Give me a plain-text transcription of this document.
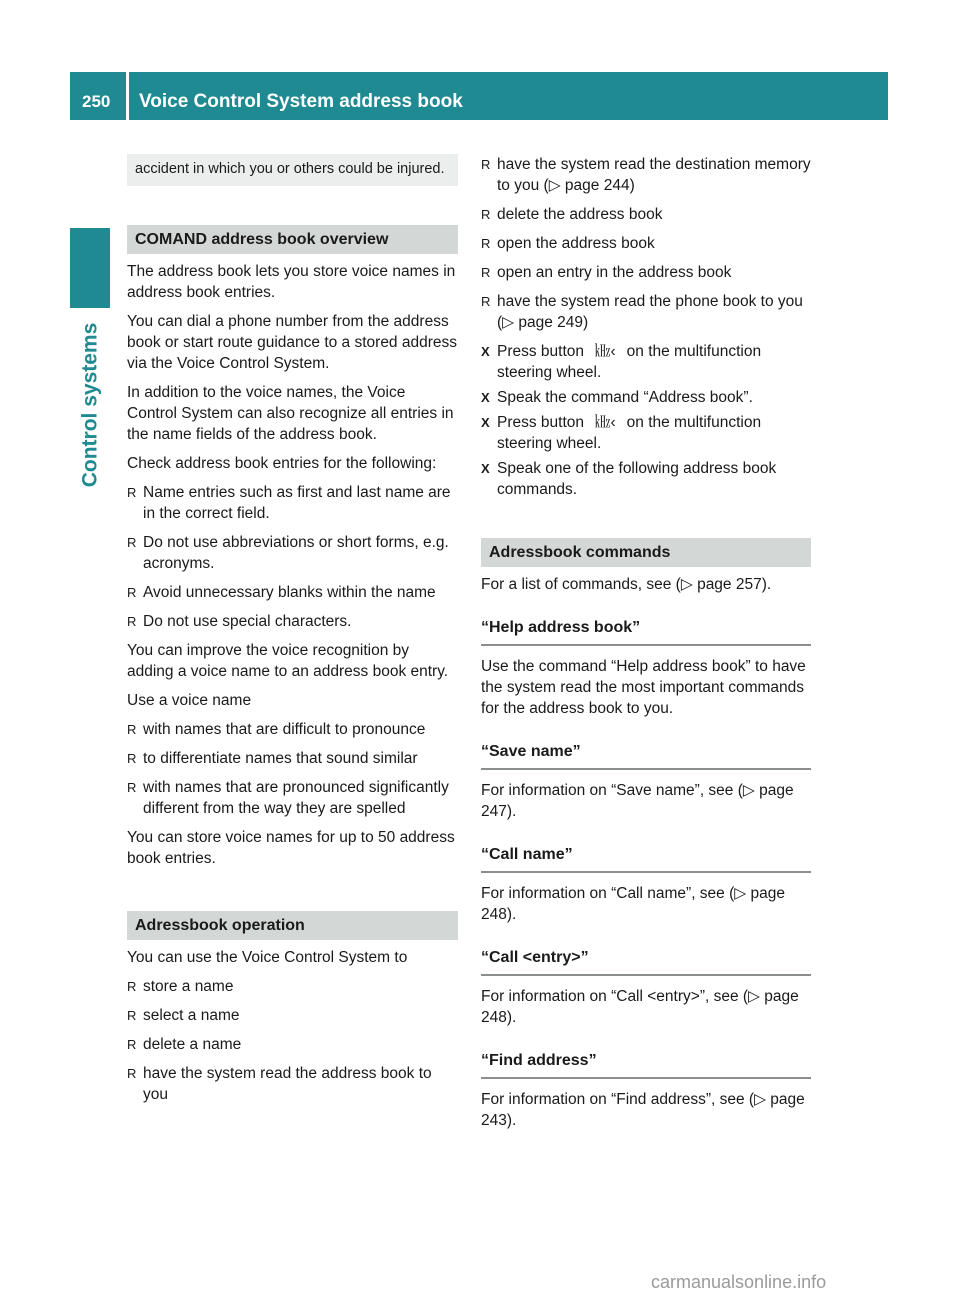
250	Voice Control System address book
Control systems
accident in which you or others could be injured.
COMAND address book overview

The address book lets you store voice names in address book entries.

You can dial a phone number from the address book or start route guidance to a stored address via the Voice Control System.

In addition to the voice names, the Voice Control System can also recognize all entries in the name fields of the address book.

Check address book entries for the following:

R Name entries such as first and last name are in the correct field.
R Do not use abbreviations or short forms, e.g. acronyms.
R Avoid unnecessary blanks within the name
R Do not use special characters.

You can improve the voice recognition by adding a voice name to an address book entry.

Use a voice name

R with names that are difficult to pronounce
R to differentiate names that sound similar
R with names that are pronounced significantly different from the way they are spelled

You can store voice names for up to 50 address book entries.

Adressbook operation

You can use the Voice Control System to

R store a name
R select a name
R delete a name
R have the system read the address book to you
R have the system read the destination memory to you (▷ page 244)
R delete the address book
R open the address book
R open an entry in the address book
R have the system read the phone book to you (▷ page 249)
X Press button ㎑‹ on the multifunction steering wheel.
X Speak the command “Address book”.
X Press button ㎑‹ on the multifunction steering wheel.
X Speak one of the following address book commands.
Adressbook commands

For a list of commands, see (▷ page 257).

“Help address book”

Use the command “Help address book” to have the system read the most important commands for the address book to you.

“Save name”

For information on “Save name”, see (▷ page 247).

“Call name”

For information on “Call name”, see (▷ page 248).

“Call <entry>”

For information on “Call <entry>”, see (▷ page 248).

“Find address”

For information on “Find address”, see (▷ page 243).

carmanualsonline.info
